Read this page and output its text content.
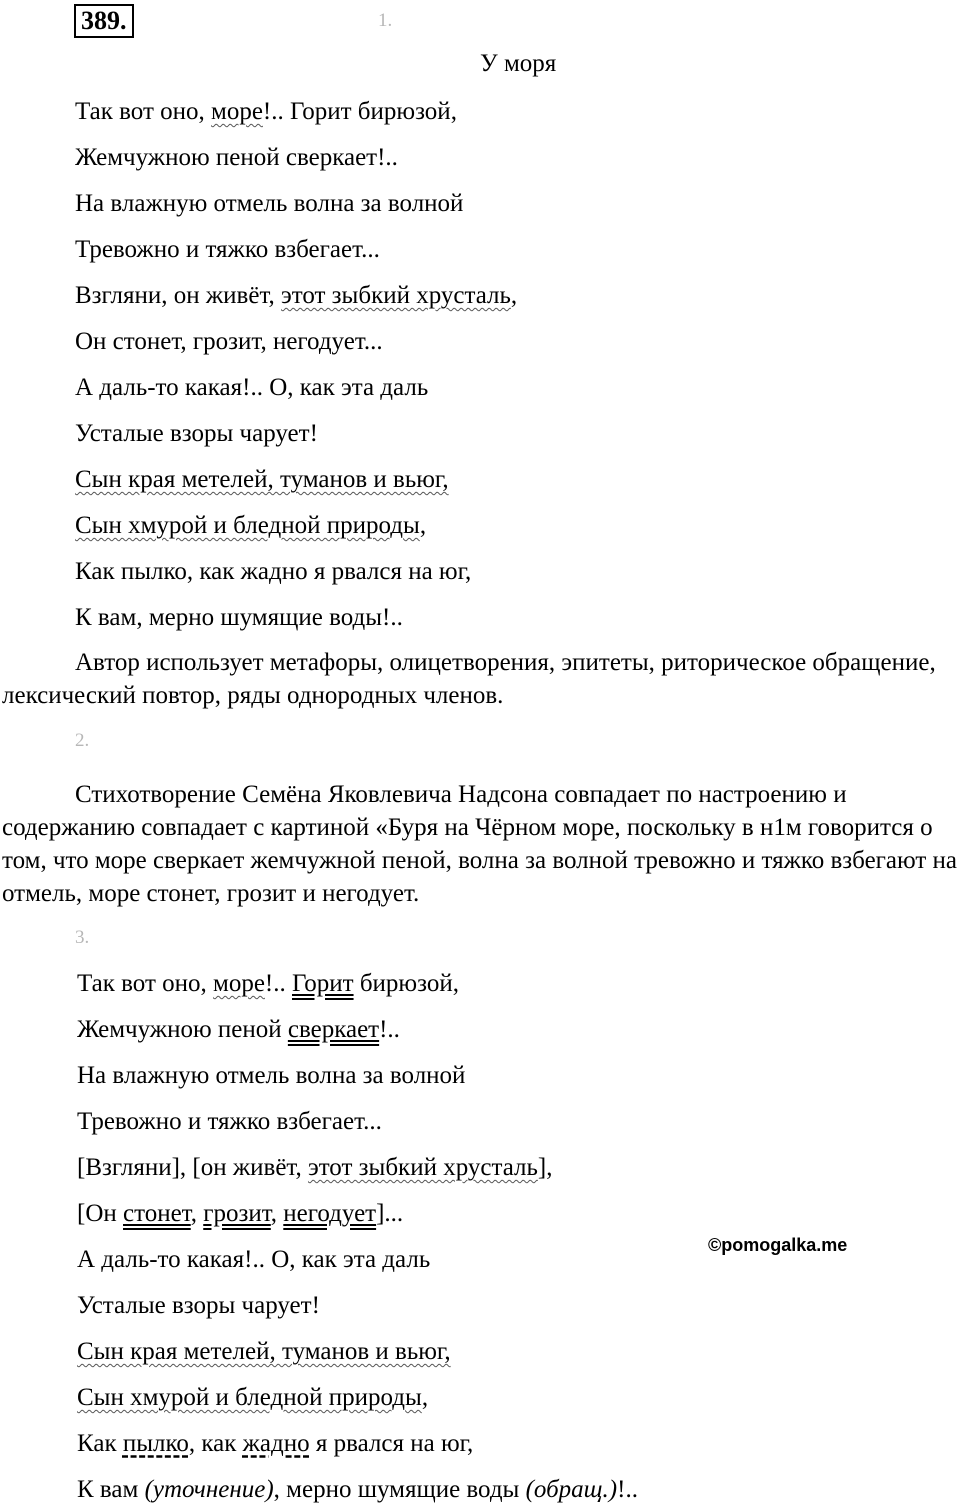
389.	1.
У моря
Так вот оно, море!.. Горит бирюзой,
Жемчужною пеной сверкает!..
На влажную отмель волна за волной
Тревожно и тяжко взбегает...
Взгляни, он живёт, этот зыбкий хрусталь,
Он стонет, грозит, негодует...
А даль-то какая!.. О, как эта даль
Усталые взоры чарует!
Сын края метелей, туманов и вьюг,
Сын хмурой и бледной природы,
Как пылко, как жадно я рвался на юг,
К вам, мерно шумящие воды!..
Автор использует метафоры, олицетворения, эпитеты, риторическое обращение, лексический повтор, ряды однородных членов.
2.
Стихотворение Семёна Яковлевича Надсона совпадает по настроению и содержанию совпадает с картиной «Буря на Чёрном море, поскольку в н1м говорится о том, что море сверкает жемчужной пеной, волна за волной тревожно и тяжко взбегают на отмель, море стонет, грозит и негодует.
3.
Так вот оно, море!.. Горит бирюзой,
Жемчужною пеной сверкает!..
На влажную отмель волна за волной
Тревожно и тяжко взбегает...
[Взгляни], [он живёт, этот зыбкий хрусталь],
[Он стонет, грозит, негодует]...
А даль-то какая!.. О, как эта даль
Усталые взоры чарует!
Сын края метелей, туманов и вьюг,
Сын хмурой и бледной природы,
Как пылко, как жадно я рвался на юг,
К вам (уточнение), мерно шумящие воды (обращ.)!..
©pomogalka.me
